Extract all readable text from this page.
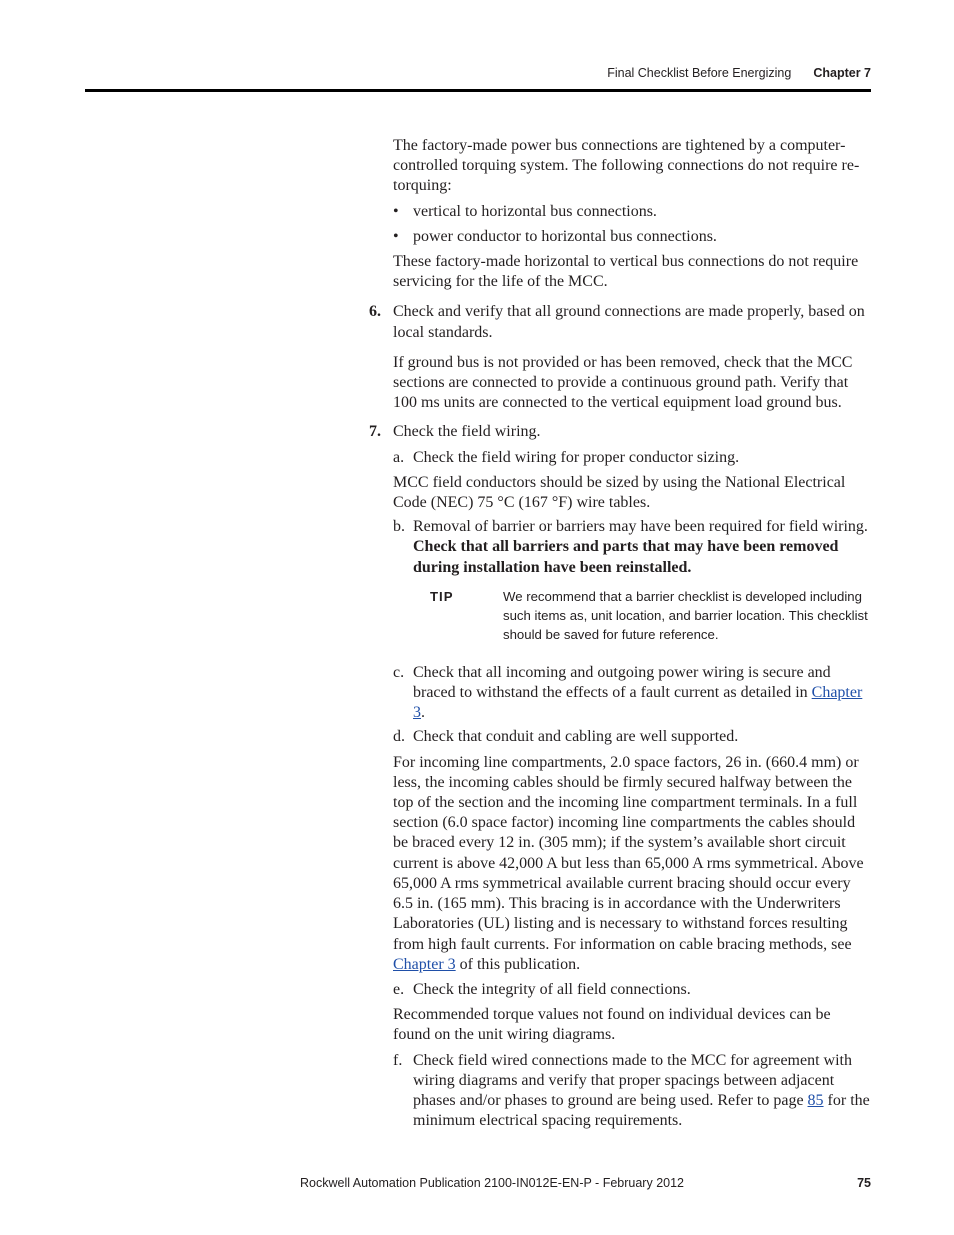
Final Checklist Before Energizing Chapter 7

The factory-made power bus connections are tightened by a computer-controlled torquing system. The following connections do not require re-torquing:

• vertical to horizontal bus connections.

• power conductor to horizontal bus connections.

These factory-made horizontal to vertical bus connections do not require servicing for the life of the MCC.

6. Check and verify that all ground connections are made properly, based on local standards.

If ground bus is not provided or has been removed, check that the MCC sections are connected to provide a continuous ground path. Verify that 100 ms units are connected to the vertical equipment load ground bus.

7. Check the field wiring.

a. Check the field wiring for proper conductor sizing.

MCC field conductors should be sized by using the National Electrical Code (NEC) 75 °C (167 °F) wire tables.

b. Removal of barrier or barriers may have been required for field wiring.

Check that all barriers and parts that may have been removed during installation have been reinstalled.

TIP	We recommend that a barrier checklist is developed including such items as, unit location, and barrier location. This checklist should be saved for future reference.
c. Check that all incoming and outgoing power wiring is secure and braced to withstand the effects of a fault current as detailed in Chapter 3.

d. Check that conduit and cabling are well supported.

For incoming line compartments, 2.0 space factors, 26 in. (660.4 mm) or less, the incoming cables should be firmly secured halfway between the top of the section and the incoming line compartment terminals. In a full section (6.0 space factor) incoming line compartments the cables should be braced every 12 in. (305 mm); if the system’s available short circuit current is above 42,000 A but less than 65,000 A rms symmetrical. Above 65,000 A rms symmetrical available current bracing should occur every 6.5 in. (165 mm). This bracing is in accordance with the Underwriters Laboratories (UL) listing and is necessary to withstand forces resulting from high fault currents. For information on cable bracing methods, see Chapter 3 of this publication.

e. Check the integrity of all field connections.

Recommended torque values not found on individual devices can be found on the unit wiring diagrams.

f. Check field wired connections made to the MCC for agreement with wiring diagrams and verify that proper spacings between adjacent phases and/or phases to ground are being used. Refer to page 85 for the minimum electrical spacing requirements.

Rockwell Automation Publication 2100-IN012E-EN-P - February 2012	75
